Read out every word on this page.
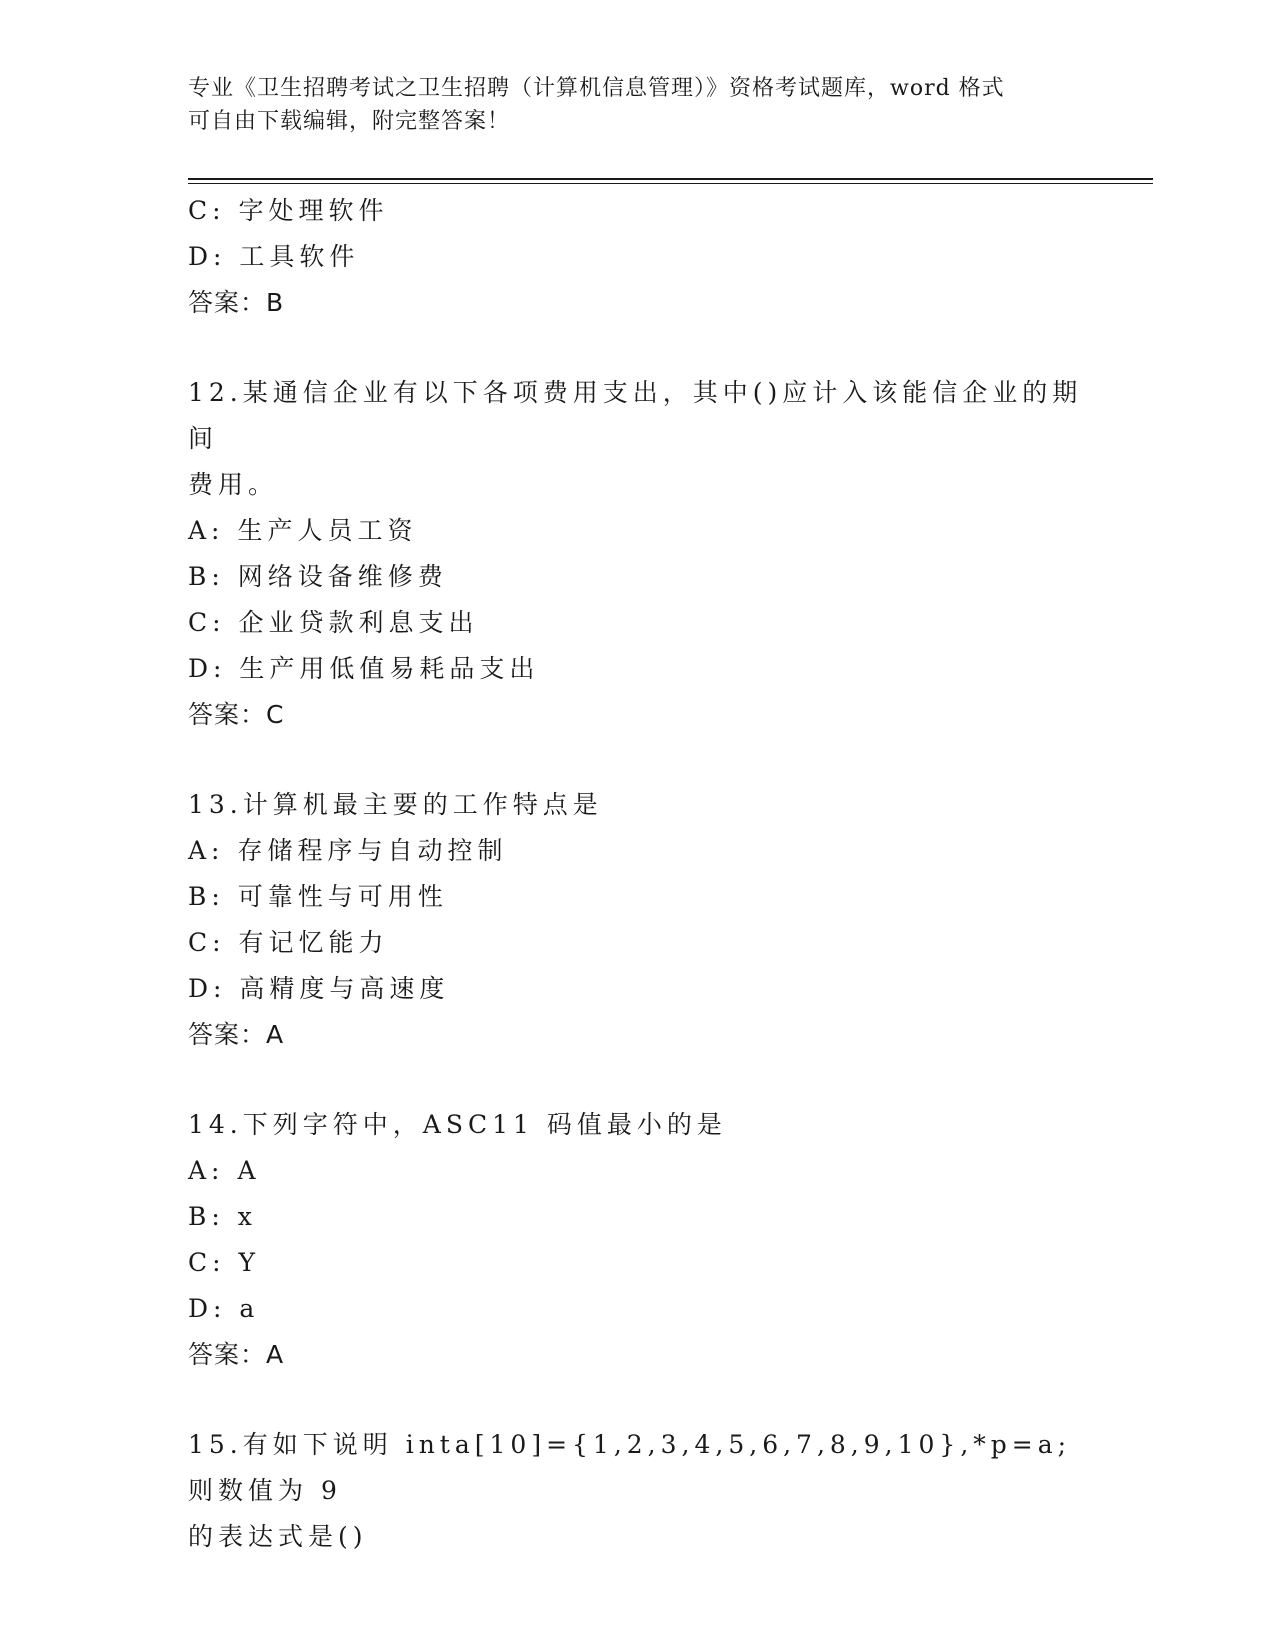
专业《卫生招聘考试之卫生招聘（计算机信息管理）》资格考试题库，word 格式
可自由下载编辑，附完整答案！
C: 字处理软件
D: 工具软件
答案：B
12.某通信企业有以下各项费用支出，其中()应计入该能信企业的期间
费用。
A: 生产人员工资
B: 网络设备维修费
C: 企业贷款利息支出
D: 生产用低值易耗品支出
答案：C
13.计算机最主要的工作特点是
A: 存储程序与自动控制
B: 可靠性与可用性
C: 有记忆能力
D: 高精度与高速度
答案：A
14.下列字符中，ASC11 码值最小的是
A: A
B: x
C: Y
D: a
答案：A
15.有如下说明 inta[10]={1,2,3,4,5,6,7,8,9,10},*p=a;则数值为 9
的表达式是()
